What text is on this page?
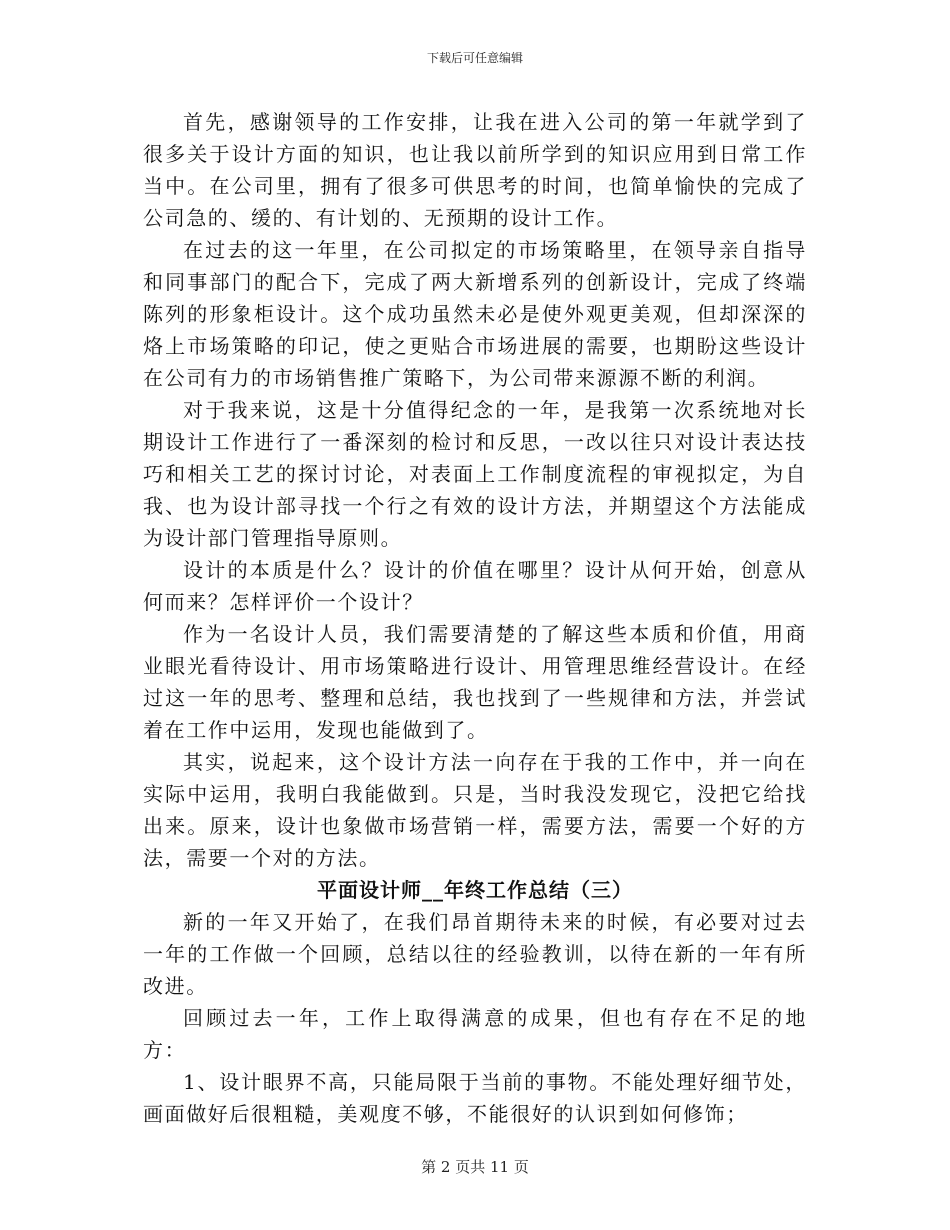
下载后可任意编辑

首先，感谢领导的工作安排，让我在进入公司的第一年就学到了很多关于设计方面的知识，也让我以前所学到的知识应用到日常工作当中。在公司里，拥有了很多可供思考的时间，也简单愉快的完成了公司急的、缓的、有计划的、无预期的设计工作。

在过去的这一年里，在公司拟定的市场策略里，在领导亲自指导和同事部门的配合下，完成了两大新增系列的创新设计，完成了终端陈列的形象柜设计。这个成功虽然未必是使外观更美观，但却深深的烙上市场策略的印记，使之更贴合市场进展的需要，也期盼这些设计在公司有力的市场销售推广策略下，为公司带来源源不断的利润。

对于我来说，这是十分值得纪念的一年，是我第一次系统地对长期设计工作进行了一番深刻的检讨和反思，一改以往只对设计表达技巧和相关工艺的探讨讨论，对表面上工作制度流程的审视拟定，为自我、也为设计部寻找一个行之有效的设计方法，并期望这个方法能成为设计部门管理指导原则。

设计的本质是什么？设计的价值在哪里？设计从何开始，创意从何而来？怎样评价一个设计？

作为一名设计人员，我们需要清楚的了解这些本质和价值，用商业眼光看待设计、用市场策略进行设计、用管理思维经营设计。在经过这一年的思考、整理和总结，我也找到了一些规律和方法，并尝试着在工作中运用，发现也能做到了。

其实，说起来，这个设计方法一向存在于我的工作中，并一向在实际中运用，我明白我能做到。只是，当时我没发现它，没把它给找出来。原来，设计也象做市场营销一样，需要方法，需要一个好的方法，需要一个对的方法。

平面设计师__年终工作总结（三）

新的一年又开始了，在我们昂首期待未来的时候，有必要对过去一年的工作做一个回顾，总结以往的经验教训，以待在新的一年有所改进。

回顾过去一年，工作上取得满意的成果，但也有存在不足的地方：

1、设计眼界不高，只能局限于当前的事物。不能处理好细节处，画面做好后很粗糙，美观度不够，不能很好的认识到如何修饰；

第 2 页共 11 页
